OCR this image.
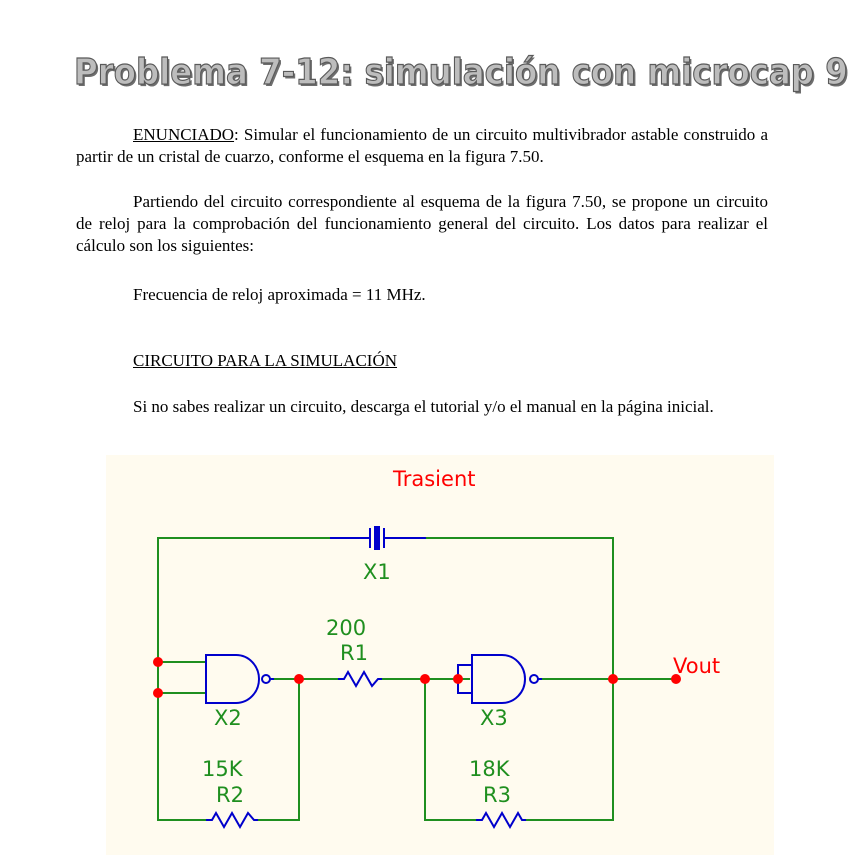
Problema 7-12: simulación con microcap 9

ENUNCIADO: Simular el funcionamiento de un circuito multivibrador astable construido a partir de un cristal de cuarzo, conforme el esquema en la figura 7.50.

Partiendo del circuito correspondiente al esquema de la figura 7.50, se propone un circuito de reloj para la comprobación del funcionamiento general del circuito. Los datos para realizar el cálculo son los siguientes:

Frecuencia de reloj aproximada = 11 MHz.
CIRCUITO PARA LA SIMULACIÓN

Si no sabes realizar un circuito, descarga el tutorial y/o el manual en la página inicial.

Trasient
X1
200
R1
X2	X3
15K
R2
18K
R3
Vout
